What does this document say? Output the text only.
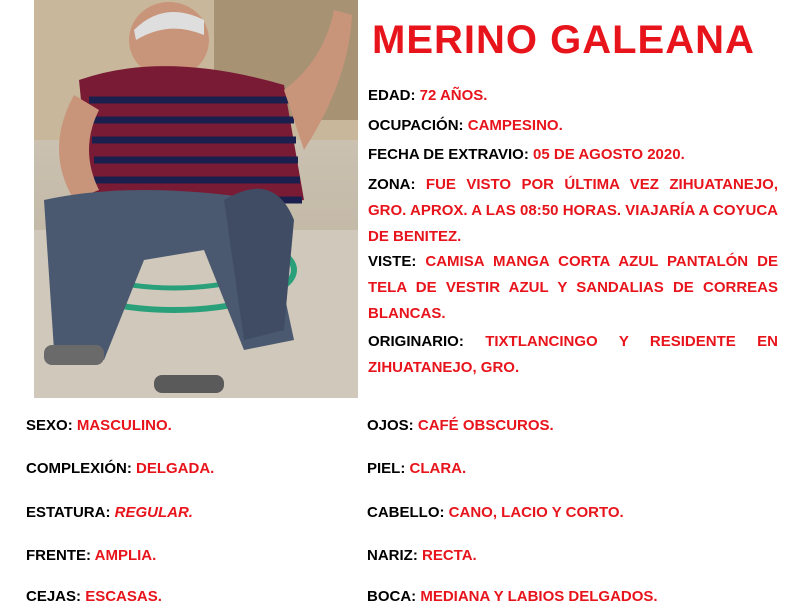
MERINO GALEANA
EDAD: 72 AÑOS.
OCUPACIÓN: CAMPESINO.
FECHA DE EXTRAVIO: 05 DE AGOSTO 2020.
ZONA: FUE VISTO POR ÚLTIMA VEZ ZIHUATANEJO, GRO. APROX. A LAS 08:50 HORAS. VIAJARÍA A COYUCA DE BENITEZ.
VISTE: CAMISA MANGA CORTA AZUL PANTALÓN DE TELA DE VESTIR AZUL Y SANDALIAS DE CORREAS BLANCAS.
ORIGINARIO: TIXTLANCINGO Y RESIDENTE EN ZIHUATANEJO, GRO.
SEXO: MASCULINO.
COMPLEXIÓN: DELGADA.
ESTATURA: REGULAR.
FRENTE: AMPLIA.
CEJAS: ESCASAS.
OJOS: CAFÉ OBSCUROS.
PIEL: CLARA.
CABELLO: CANO, LACIO Y CORTO.
NARIZ: RECTA.
BOCA: MEDIANA Y LABIOS DELGADOS.
